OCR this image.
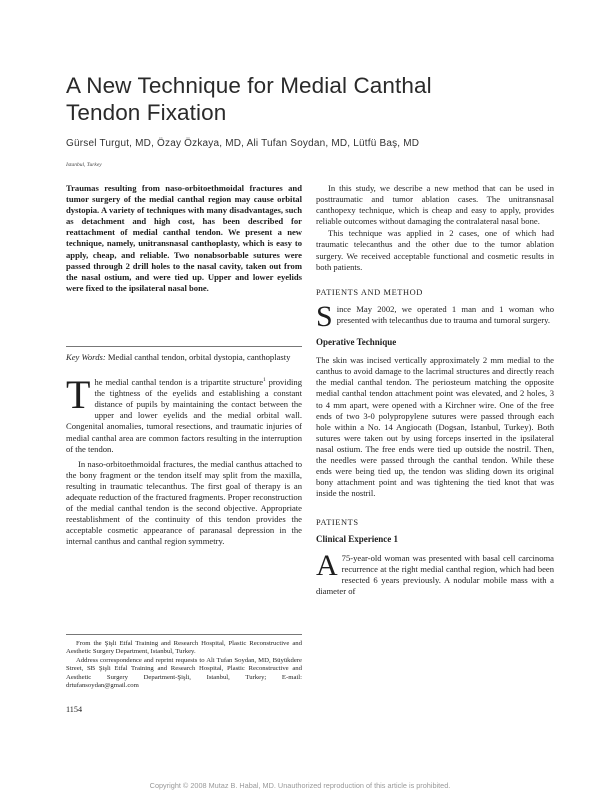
A New Technique for Medial Canthal
Tendon Fixation
Gürsel Turgut, MD, Özay Özkaya, MD, Ali Tufan Soydan, MD, Lütfü Baş, MD
Istanbul, Turkey

Traumas resulting from naso-orbitoethmoidal fractures and tumor surgery of the medial canthal region may cause orbital dystopia. A variety of techniques with many disadvantages, such as detachment and high cost, has been described for reattachment of medial canthal tendon. We present a new technique, namely, unitransnasal canthoplasty, which is easy to apply, cheap, and reliable. Two nonabsorbable sutures were passed through 2 drill holes to the nasal cavity, taken out from the nasal ostium, and were tied up. Upper and lower eyelids were fixed to the ipsilateral nasal bone.

Key Words: Medial canthal tendon, orbital dystopia, canthoplasty

The medial canthal tendon is a tripartite structure$^1$ providing the tightness of the eyelids and establishing a constant distance of pupils by maintaining the contact between the upper and lower eyelids and the medial orbital wall. Congenital anomalies, tumoral resections, and traumatic injuries of medial canthal area are common factors resulting in the interruption of the tendon.

In naso-orbitoethmoidal fractures, the medial canthus attached to the bony fragment or the tendon itself may split from the maxilla, resulting in traumatic telecanthus. The first goal of therapy is an adequate reduction of the fractured fragments. Proper reconstruction of the medial canthal tendon is the second objective. Appropriate reestablishment of the continuity of this tendon provides the acceptable cosmetic appearance of paranasal depression in the internal canthus and canthal region symmetry.

In this study, we describe a new method that can be used in posttraumatic and tumor ablation cases. The unitransnasal canthopexy technique, which is cheap and easy to apply, provides reliable outcomes without damaging the contralateral nasal bone.

This technique was applied in 2 cases, one of which had traumatic telecanthus and the other due to the tumor ablation surgery. We received acceptable functional and cosmetic results in both patients.

PATIENTS AND METHOD

Since May 2002, we operated 1 man and 1 woman who presented with telecanthus due to trauma and tumoral surgery.

Operative Technique

The skin was incised vertically approximately 2 mm medial to the canthus to avoid damage to the lacrimal structures and directly reach the medial canthal tendon. The periosteum matching the opposite medial canthal tendon attachment point was elevated, and 2 holes, 3 to 4 mm apart, were opened with a Kirchner wire. One of the free ends of two 3-0 polypropylene sutures were passed through each hole within a No. 14 Angiocath (Dogsan, Istanbul, Turkey). Both sutures were taken out by using forceps inserted in the ipsilateral nasal ostium. The free ends were tied up outside the nostril. Then, the needles were passed through the canthal tendon. While these ends were being tied up, the tendon was sliding down its original bony attachment point and was tightening the tied knot that was inside the nostril.

PATIENTS
Clinical Experience 1

A 75-year-old woman was presented with basal cell carcinoma recurrence at the right medial canthal region, which had been resected 6 years previously. A nodular mobile mass with a diameter of

From the Şişli Etfal Training and Research Hospital, Plastic Reconstructive and Aesthetic Surgery Department, Istanbul, Turkey.

Address correspondence and reprint requests to Ali Tufan Soydan, MD, Büyükdere Street, SB Şişli Etfal Training and Research Hospital, Plastic Reconstructive and Aesthetic Surgery Department-Şişli, Istanbul, Turkey; E-mail: drtufansoydan@gmail.com

1154
Copyright © 2008 Mutaz B. Habal, MD. Unauthorized reproduction of this article is prohibited.
